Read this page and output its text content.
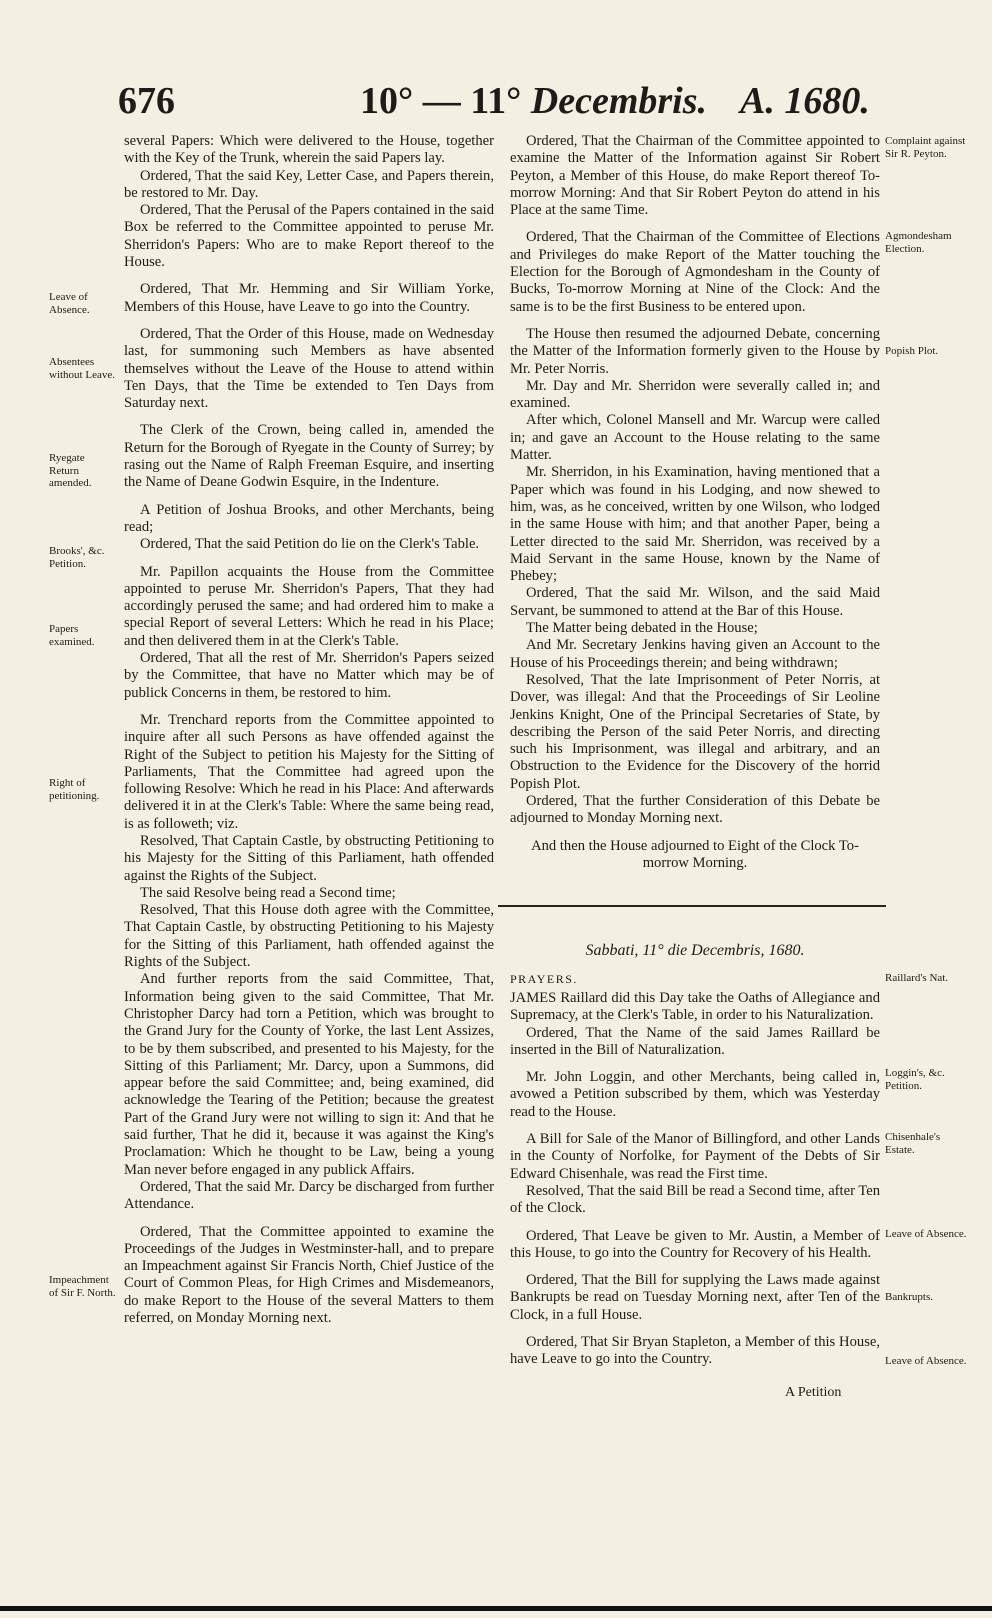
676	10° — 11° Decembris. A. 1680.
Leave of Absence.
Absentees without Leave.
Ryegate Return amended.
Brooks', &c. Petition.
Papers examined.
Right of petitioning.
Impeachment of Sir F. North.
Complaint against Sir R. Peyton.
Agmondesham Election.
Popish Plot.
Raillard's Nat.
Loggin's, &c. Petition.
Chisenhale's Estate.
Leave of Absence.
Bankrupts.
Leave of Absence.

several Papers: Which were delivered to the House, together with the Key of the Trunk, wherein the said Papers lay.

Ordered, That the said Key, Letter Case, and Papers therein, be restored to Mr. Day.

Ordered, That the Perusal of the Papers contained in the said Box be referred to the Committee appointed to peruse Mr. Sherridon's Papers: Who are to make Report thereof to the House.

Ordered, That Mr. Hemming and Sir William Yorke, Members of this House, have Leave to go into the Country.

Ordered, That the Order of this House, made on Wednesday last, for summoning such Members as have absented themselves without the Leave of the House to attend within Ten Days, that the Time be extended to Ten Days from Saturday next.

The Clerk of the Crown, being called in, amended the Return for the Borough of Ryegate in the County of Surrey; by rasing out the Name of Ralph Freeman Esquire, and inserting the Name of Deane Godwin Esquire, in the Indenture.

A Petition of Joshua Brooks, and other Merchants, being read;

Ordered, That the said Petition do lie on the Clerk's Table.

Mr. Papillon acquaints the House from the Committee appointed to peruse Mr. Sherridon's Papers, That they had accordingly perused the same; and had ordered him to make a special Report of several Letters: Which he read in his Place; and then delivered them in at the Clerk's Table.

Ordered, That all the rest of Mr. Sherridon's Papers seized by the Committee, that have no Matter which may be of publick Concerns in them, be restored to him.

Mr. Trenchard reports from the Committee appointed to inquire after all such Persons as have offended against the Right of the Subject to petition his Majesty for the Sitting of Parliaments, That the Committee had agreed upon the following Resolve: Which he read in his Place: And afterwards delivered it in at the Clerk's Table: Where the same being read, is as followeth; viz.

Resolved, That Captain Castle, by obstructing Petitioning to his Majesty for the Sitting of this Parliament, hath offended against the Rights of the Subject.

The said Resolve being read a Second time;

Resolved, That this House doth agree with the Committee, That Captain Castle, by obstructing Petitioning to his Majesty for the Sitting of this Parliament, hath offended against the Rights of the Subject.

And further reports from the said Committee, That, Information being given to the said Committee, That Mr. Christopher Darcy had torn a Petition, which was brought to the Grand Jury for the County of Yorke, the last Lent Assizes, to be by them subscribed, and presented to his Majesty, for the Sitting of this Parliament; Mr. Darcy, upon a Summons, did appear before the said Committee; and, being examined, did acknowledge the Tearing of the Petition; because the greatest Part of the Grand Jury were not willing to sign it: And that he said further, That he did it, because it was against the King's Proclamation: Which he thought to be Law, being a young Man never before engaged in any publick Affairs.

Ordered, That the said Mr. Darcy be discharged from further Attendance.

Ordered, That the Committee appointed to examine the Proceedings of the Judges in Westminster-hall, and to prepare an Impeachment against Sir Francis North, Chief Justice of the Court of Common Pleas, for High Crimes and Misdemeanors, do make Report to the House of the several Matters to them referred, on Monday Morning next.

Ordered, That the Chairman of the Committee appointed to examine the Matter of the Information against Sir Robert Peyton, a Member of this House, do make Report thereof To-morrow Morning: And that Sir Robert Peyton do attend in his Place at the same Time.

Ordered, That the Chairman of the Committee of Elections and Privileges do make Report of the Matter touching the Election for the Borough of Agmondesham in the County of Bucks, To-morrow Morning at Nine of the Clock: And the same is to be the first Business to be entered upon.

The House then resumed the adjourned Debate, concerning the Matter of the Information formerly given to the House by Mr. Peter Norris.

Mr. Day and Mr. Sherridon were severally called in; and examined.

After which, Colonel Mansell and Mr. Warcup were called in; and gave an Account to the House relating to the same Matter.

Mr. Sherridon, in his Examination, having mentioned that a Paper which was found in his Lodging, and now shewed to him, was, as he conceived, written by one Wilson, who lodged in the same House with him; and that another Paper, being a Letter directed to the said Mr. Sherridon, was received by a Maid Servant in the same House, known by the Name of Phebey;

Ordered, That the said Mr. Wilson, and the said Maid Servant, be summoned to attend at the Bar of this House.

The Matter being debated in the House;

And Mr. Secretary Jenkins having given an Account to the House of his Proceedings therein; and being withdrawn;

Resolved, That the late Imprisonment of Peter Norris, at Dover, was illegal: And that the Proceedings of Sir Leoline Jenkins Knight, One of the Principal Secretaries of State, by describing the Person of the said Peter Norris, and directing such his Imprisonment, was illegal and arbitrary, and an Obstruction to the Evidence for the Discovery of the horrid Popish Plot.

Ordered, That the further Consideration of this Debate be adjourned to Monday Morning next.

And then the House adjourned to Eight of the Clock To-morrow Morning.

Sabbati, 11° die Decembris, 1680.
PRAYERS.

JAMES Raillard did this Day take the Oaths of Allegiance and Supremacy, at the Clerk's Table, in order to his Naturalization.

Ordered, That the Name of the said James Raillard be inserted in the Bill of Naturalization.

Mr. John Loggin, and other Merchants, being called in, avowed a Petition subscribed by them, which was Yesterday read to the House.

A Bill for Sale of the Manor of Billingford, and other Lands in the County of Norfolke, for Payment of the Debts of Sir Edward Chisenhale, was read the First time.

Resolved, That the said Bill be read a Second time, after Ten of the Clock.

Ordered, That Leave be given to Mr. Austin, a Member of this House, to go into the Country for Recovery of his Health.

Ordered, That the Bill for supplying the Laws made against Bankrupts be read on Tuesday Morning next, after Ten of the Clock, in a full House.

Ordered, That Sir Bryan Stapleton, a Member of this House, have Leave to go into the Country.

A Petition
